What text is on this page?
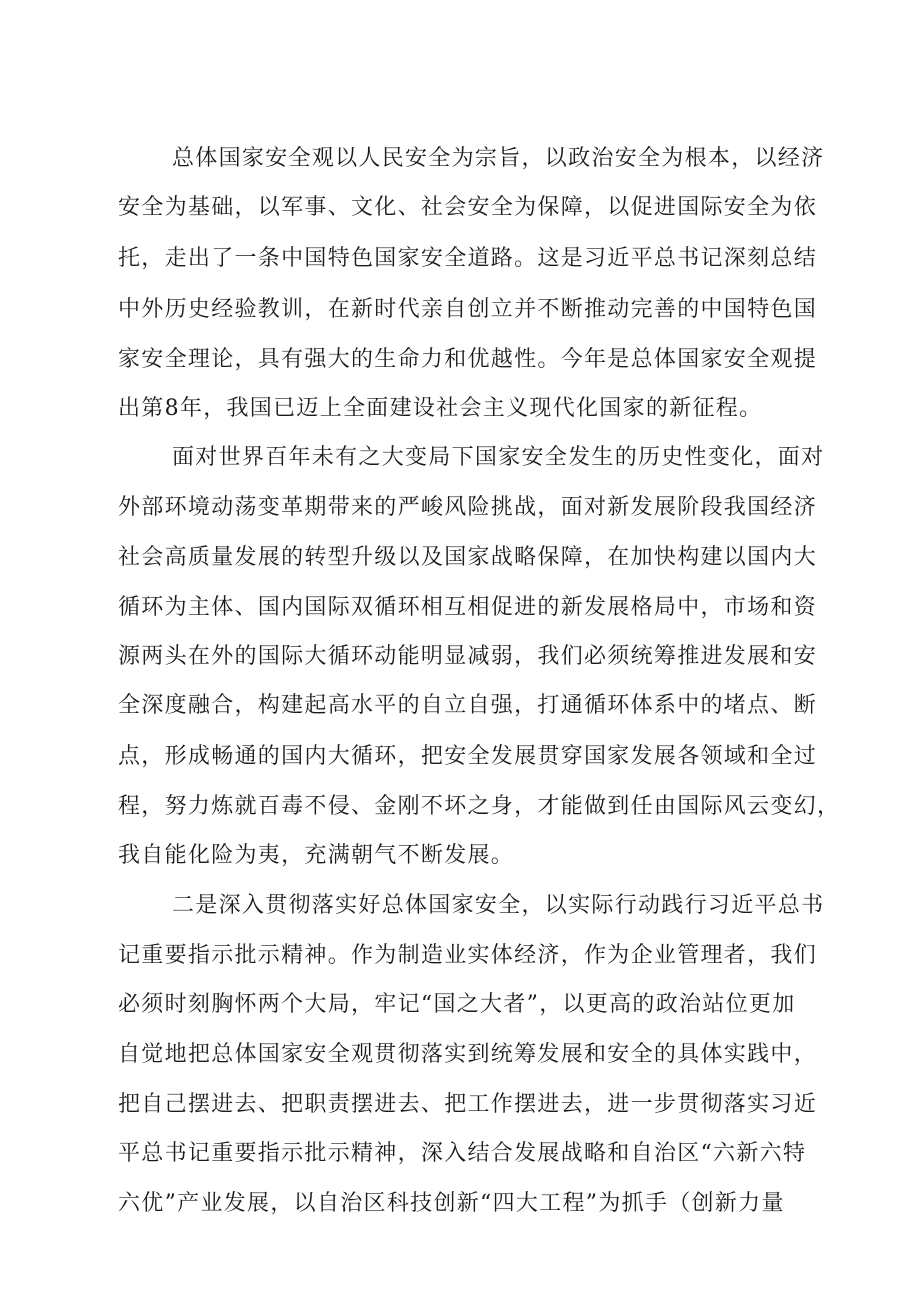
总体国家安全观以人民安全为宗旨，以政治安全为根本，以经济
安全为基础，以军事、文化、社会安全为保障，以促进国际安全为依
托，走出了一条中国特色国家安全道路。这是习近平总书记深刻总结
中外历史经验教训，在新时代亲自创立并不断推动完善的中国特色国
家安全理论，具有强大的生命力和优越性。今年是总体国家安全观提
出第8年，我国已迈上全面建设社会主义现代化国家的新征程。
面对世界百年未有之大变局下国家安全发生的历史性变化，面对
外部环境动荡变革期带来的严峻风险挑战，面对新发展阶段我国经济
社会高质量发展的转型升级以及国家战略保障，在加快构建以国内大
循环为主体、国内国际双循环相互相促进的新发展格局中，市场和资
源两头在外的国际大循环动能明显减弱，我们必须统筹推进发展和安
全深度融合，构建起高水平的自立自强，打通循环体系中的堵点、断
点，形成畅通的国内大循环，把安全发展贯穿国家发展各领域和全过
程，努力炼就百毒不侵、金刚不坏之身，才能做到任由国际风云变幻，
我自能化险为夷，充满朝气不断发展。
二是深入贯彻落实好总体国家安全，以实际行动践行习近平总书
记重要指示批示精神。作为制造业实体经济，作为企业管理者，我们
必须时刻胸怀两个大局，牢记“国之大者”，以更高的政治站位更加
自觉地把总体国家安全观贯彻落实到统筹发展和安全的具体实践中，
把自己摆进去、把职责摆进去、把工作摆进去，进一步贯彻落实习近
平总书记重要指示批示精神，深入结合发展战略和自治区“六新六特
六优”产业发展，以自治区科技创新“四大工程”为抓手（创新力量
